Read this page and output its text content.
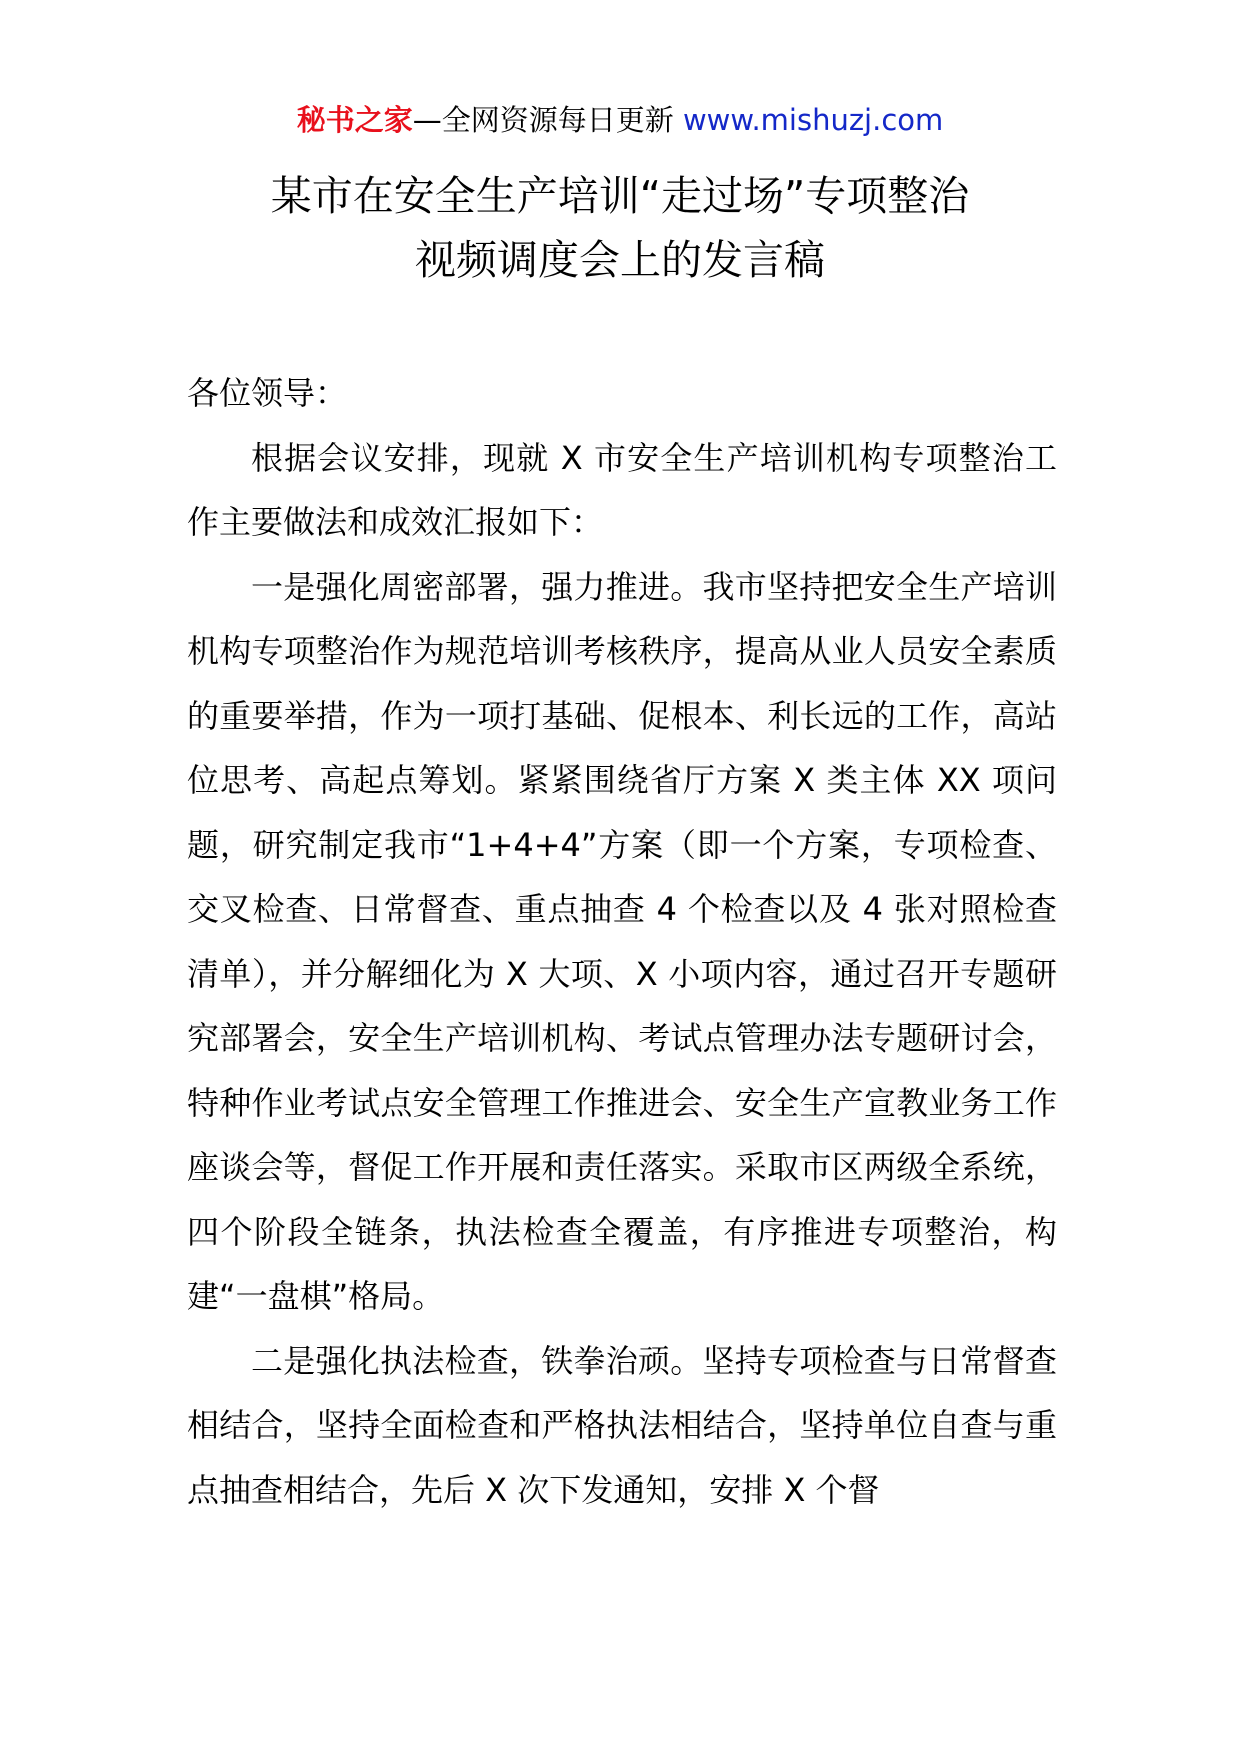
秘书之家—全网资源每日更新 www.mishuzj.com
某市在安全生产培训“走过场”专项整治
视频调度会上的发言稿

各位领导：

根据会议安排，现就 X 市安全生产培训机构专项整治工作主要做法和成效汇报如下：

一是强化周密部署，强力推进。我市坚持把安全生产培训机构专项整治作为规范培训考核秩序，提高从业人员安全素质的重要举措，作为一项打基础、促根本、利长远的工作，高站位思考、高起点筹划。紧紧围绕省厅方案 X 类主体 XX 项问题，研究制定我市“1+4+4”方案（即一个方案，专项检查、交叉检查、日常督查、重点抽查 4 个检查以及 4 张对照检查清单），并分解细化为 X 大项、X 小项内容，通过召开专题研究部署会，安全生产培训机构、考试点管理办法专题研讨会，特种作业考试点安全管理工作推进会、安全生产宣教业务工作座谈会等，督促工作开展和责任落实。采取市区两级全系统，四个阶段全链条，执法检查全覆盖，有序推进专项整治，构建“一盘棋”格局。

二是强化执法检查，铁拳治顽。坚持专项检查与日常督查相结合，坚持全面检查和严格执法相结合，坚持单位自查与重点抽查相结合，先后 X 次下发通知，安排 X 个督
